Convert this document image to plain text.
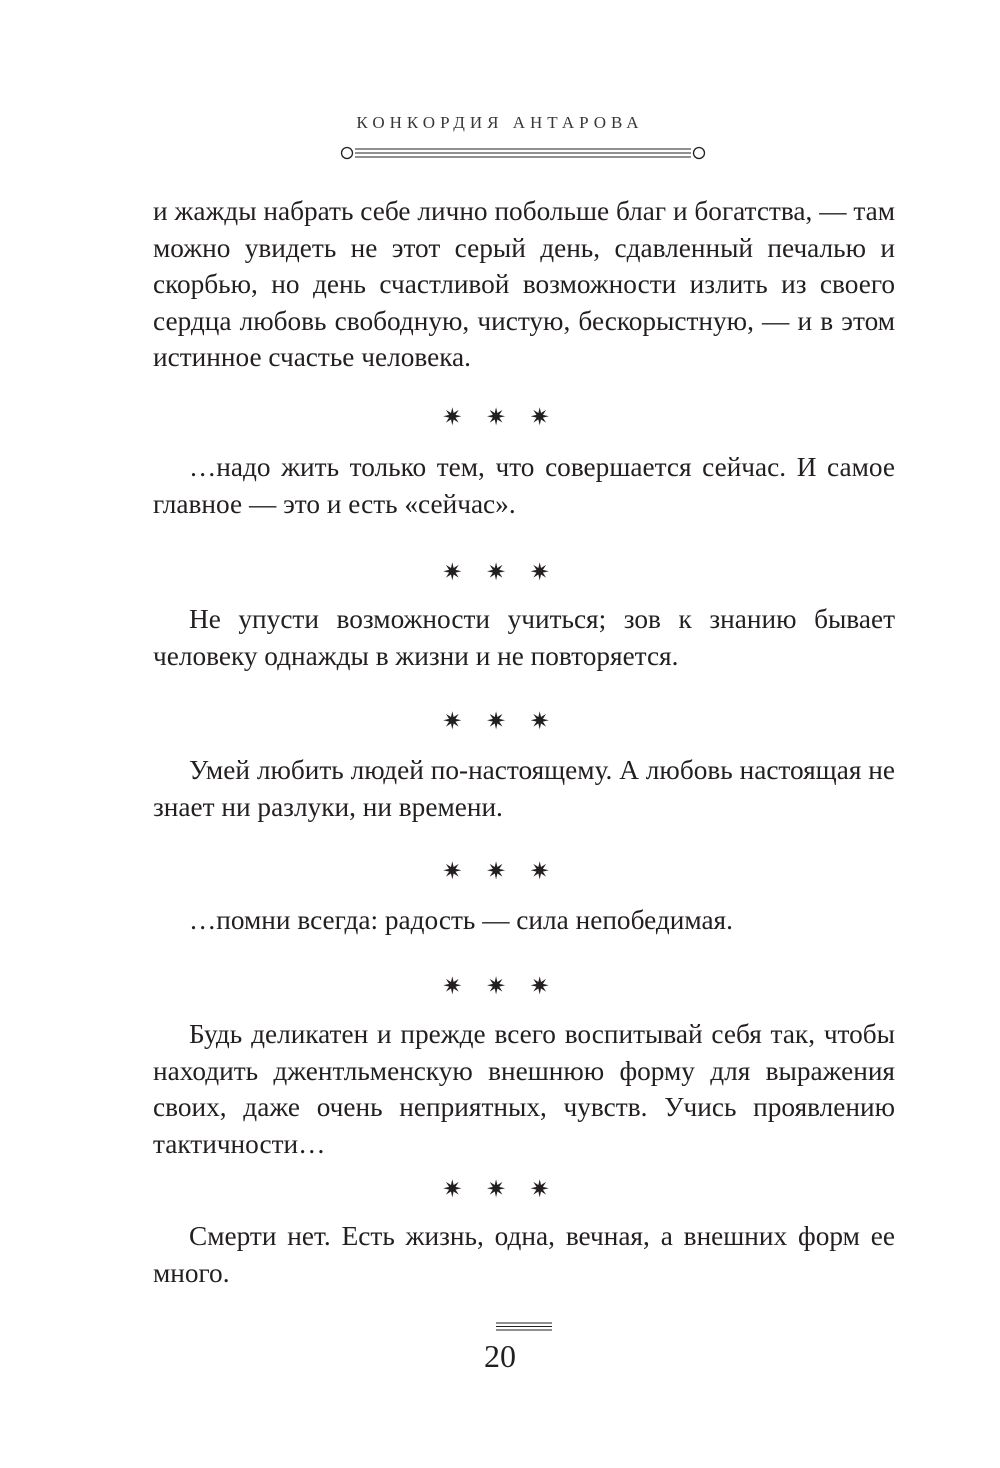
КОНКОРДИЯ АНТАРОВА

и жажды набрать себе лично побольше благ и богатства, — там можно увидеть не этот серый день, сдавленный печалью и скорбью, но день счастливой возможности излить из своего сердца любовь свободную, чистую, бескорыстную, — и в этом истинное счастье человека.

✷ ✷ ✷

…надо жить только тем, что совершается сейчас. И самое главное — это и есть «сейчас».

✷ ✷ ✷

Не упусти возможности учиться; зов к знанию бывает человеку однажды в жизни и не повторяется.

✷ ✷ ✷

Умей любить людей по-настоящему. А любовь настоящая не знает ни разлуки, ни времени.

✷ ✷ ✷

…помни всегда: радость — сила непобедимая.

✷ ✷ ✷

Будь деликатен и прежде всего воспитывай себя так, чтобы находить джентльменскую внешнюю форму для выражения своих, даже очень неприятных, чувств. Учись проявлению тактичности…

✷ ✷ ✷

Смерти нет. Есть жизнь, одна, вечная, а внешних форм ее много.

20
